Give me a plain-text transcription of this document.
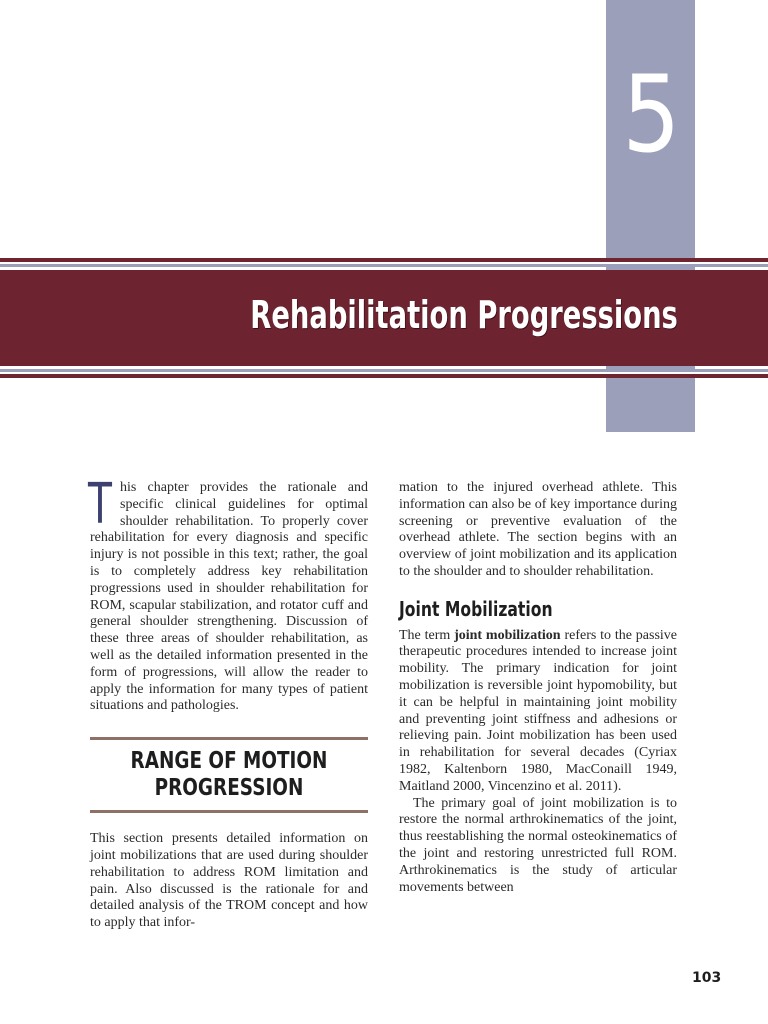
5
Rehabilitation Progressions

This chapter provides the rationale and specific clinical guidelines for optimal shoulder rehabilitation. To properly cover rehabilitation for every diagnosis and specific injury is not possible in this text; rather, the goal is to completely address key rehabilitation progressions used in shoulder rehabilitation for ROM, scapular stabilization, and rotator cuff and general shoulder strengthening. Discussion of these three areas of shoulder rehabilitation, as well as the detailed information presented in the form of progressions, will allow the reader to apply the information for many types of patient situations and pathologies.

RANGE OF MOTION
PROGRESSION

This section presents detailed information on joint mobilizations that are used during shoulder rehabilitation to address ROM limitation and pain. Also discussed is the rationale for and detailed analysis of the TROM concept and how to apply that infor-

mation to the injured overhead athlete. This information can also be of key importance during screening or preventive evaluation of the overhead athlete. The section begins with an overview of joint mobilization and its application to the shoulder and to shoulder rehabilitation.

Joint Mobilization

The term joint mobilization refers to the passive therapeutic procedures intended to increase joint mobility. The primary indication for joint mobilization is reversible joint hypomobility, but it can be helpful in maintaining joint mobility and preventing joint stiffness and adhesions or relieving pain. Joint mobilization has been used in rehabilitation for several decades (Cyriax 1982, Kaltenborn 1980, MacConaill 1949, Maitland 2000, Vincenzino et al. 2011).

The primary goal of joint mobilization is to restore the normal arthrokinematics of the joint, thus reestablishing the normal osteokinematics of the joint and restoring unrestricted full ROM. Arthrokinematics is the study of articular movements between

103
